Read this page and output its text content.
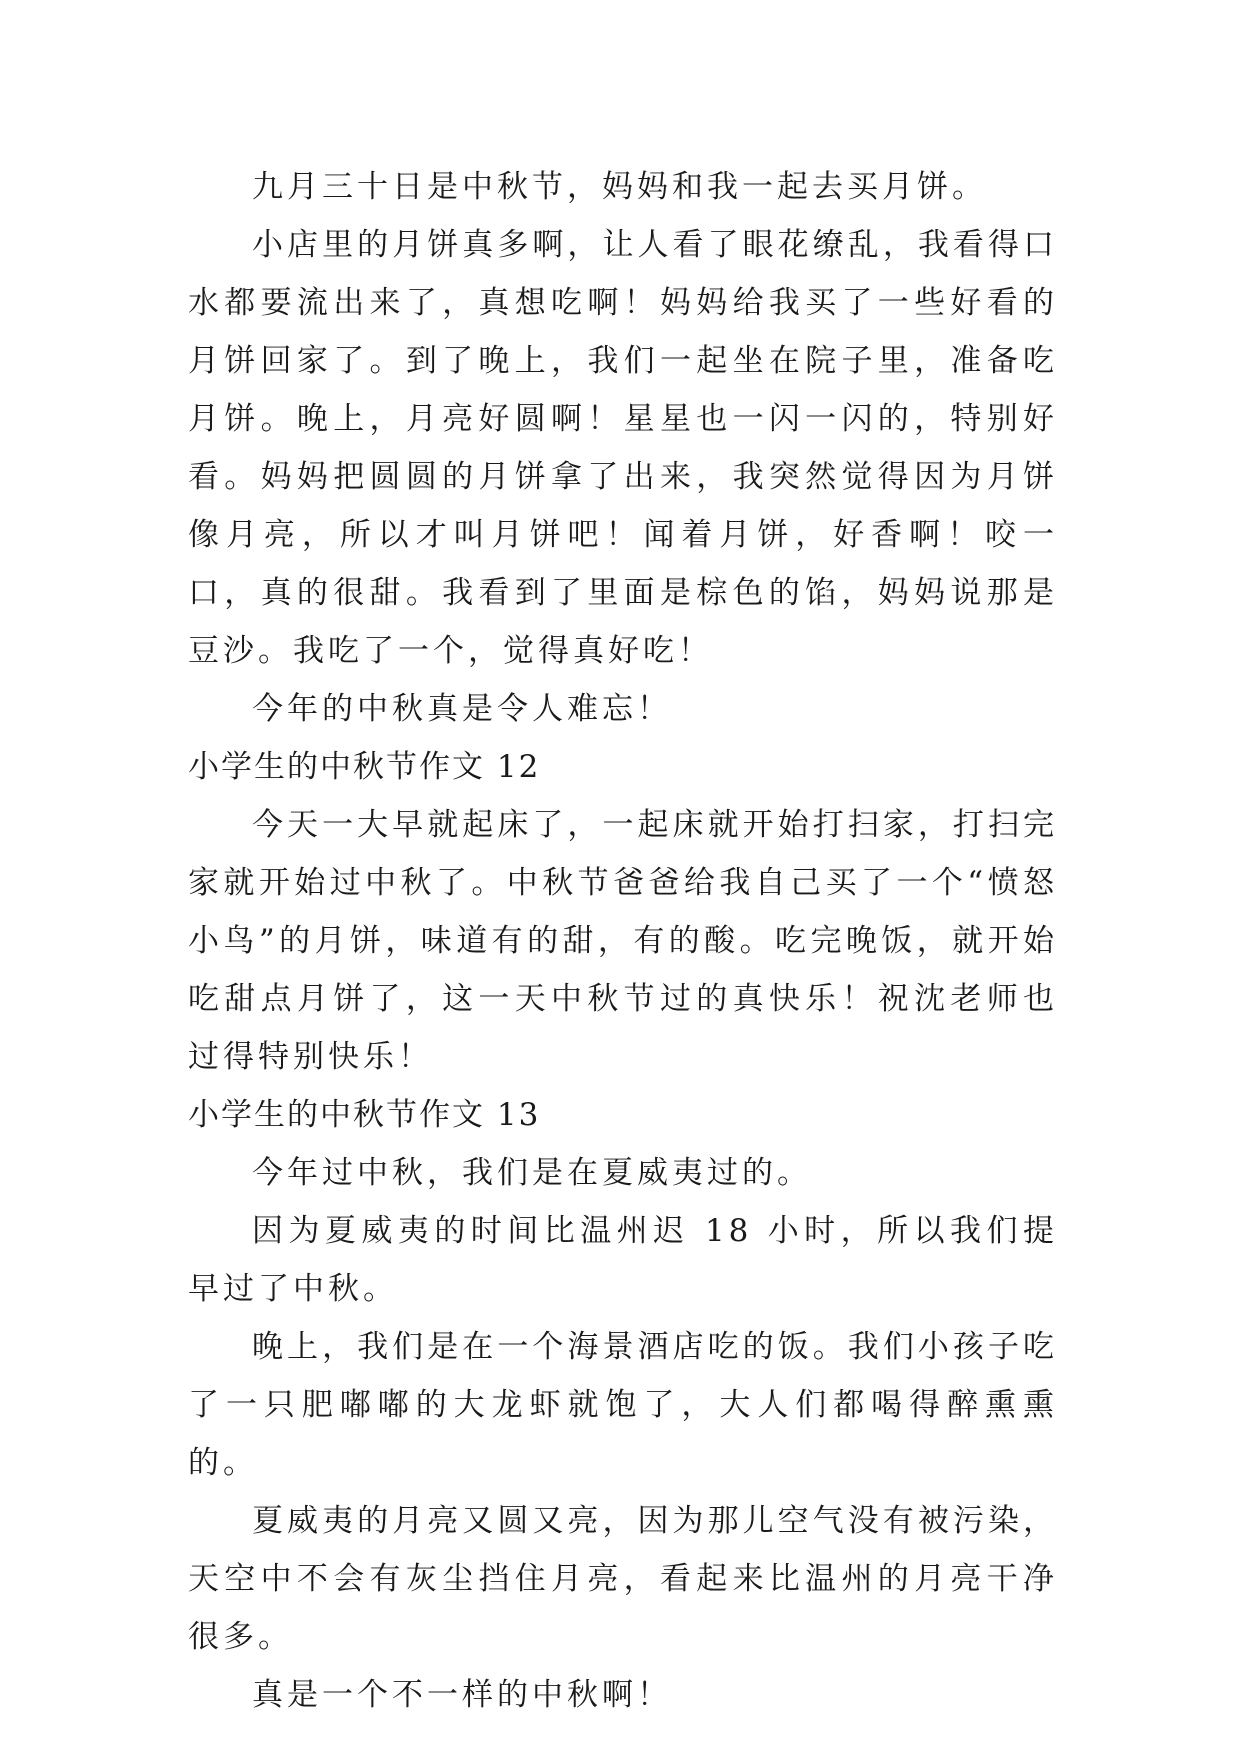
九月三十日是中秋节，妈妈和我一起去买月饼。

小店里的月饼真多啊，让人看了眼花缭乱，我看得口水都要流出来了，真想吃啊！妈妈给我买了一些好看的月饼回家了。到了晚上，我们一起坐在院子里，准备吃月饼。晚上，月亮好圆啊！星星也一闪一闪的，特别好看。妈妈把圆圆的月饼拿了出来，我突然觉得因为月饼像月亮，所以才叫月饼吧！闻着月饼，好香啊！咬一口，真的很甜。我看到了里面是棕色的馅，妈妈说那是豆沙。我吃了一个，觉得真好吃！

今年的中秋真是令人难忘！

小学生的中秋节作文 12

今天一大早就起床了，一起床就开始打扫家，打扫完家就开始过中秋了。中秋节爸爸给我自己买了一个“愤怒小鸟”的月饼，味道有的甜，有的酸。吃完晚饭，就开始吃甜点月饼了，这一天中秋节过的真快乐！祝沈老师也过得特别快乐！

小学生的中秋节作文 13

今年过中秋，我们是在夏威夷过的。

因为夏威夷的时间比温州迟 18 小时，所以我们提早过了中秋。

晚上，我们是在一个海景酒店吃的饭。我们小孩子吃了一只肥嘟嘟的大龙虾就饱了，大人们都喝得醉熏熏的。

夏威夷的月亮又圆又亮，因为那儿空气没有被污染，天空中不会有灰尘挡住月亮，看起来比温州的月亮干净很多。

真是一个不一样的中秋啊！
